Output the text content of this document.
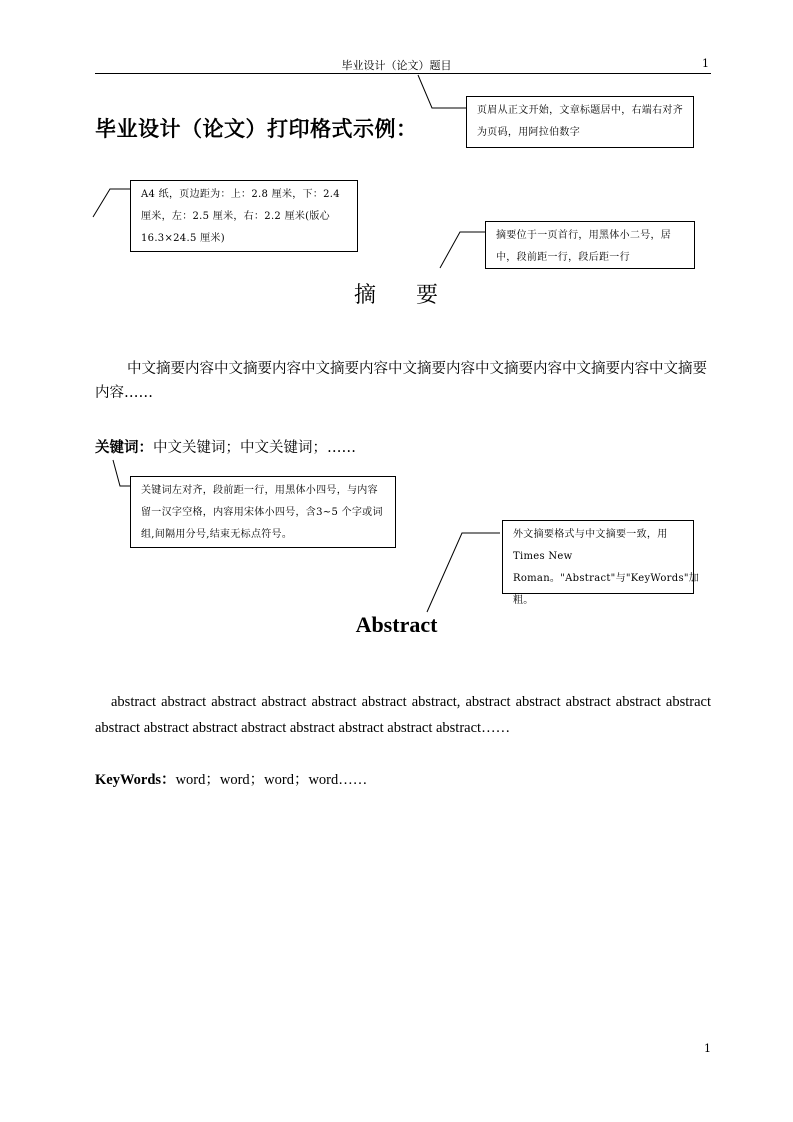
毕业设计（论文）题目	1
毕业设计（论文）打印格式示例：
页眉从正文开始，文章标题居中，右端右对齐为页码，用阿拉伯数字
A4 纸，页边距为：上：2.8 厘米，下：2.4 厘米，左：2.5 厘米，右：2.2 厘米(版心 16.3×24.5 厘米)	摘要位于一页首行，用黑体小二号，居中，段前距一行，段后距一行
摘要
中文摘要内容中文摘要内容中文摘要内容中文摘要内容中文摘要内容中文摘要内容中文摘要内容……
关键词：中文关键词；中文关键词；……
关键词左对齐，段前距一行，用黑体小四号，与内容留一汉字空格，内容用宋体小四号，含3~5 个字或词组,间隔用分号,结束无标点符号。	外文摘要格式与中文摘要一致，用 Times New Roman。"Abstract"与"KeyWords"加粗。
Abstract
abstract abstract abstract abstract abstract abstract abstract, abstract abstract abstract abstract abstract abstract abstract abstract abstract abstract abstract abstract abstract……
KeyWords：word；word；word；word……
1
